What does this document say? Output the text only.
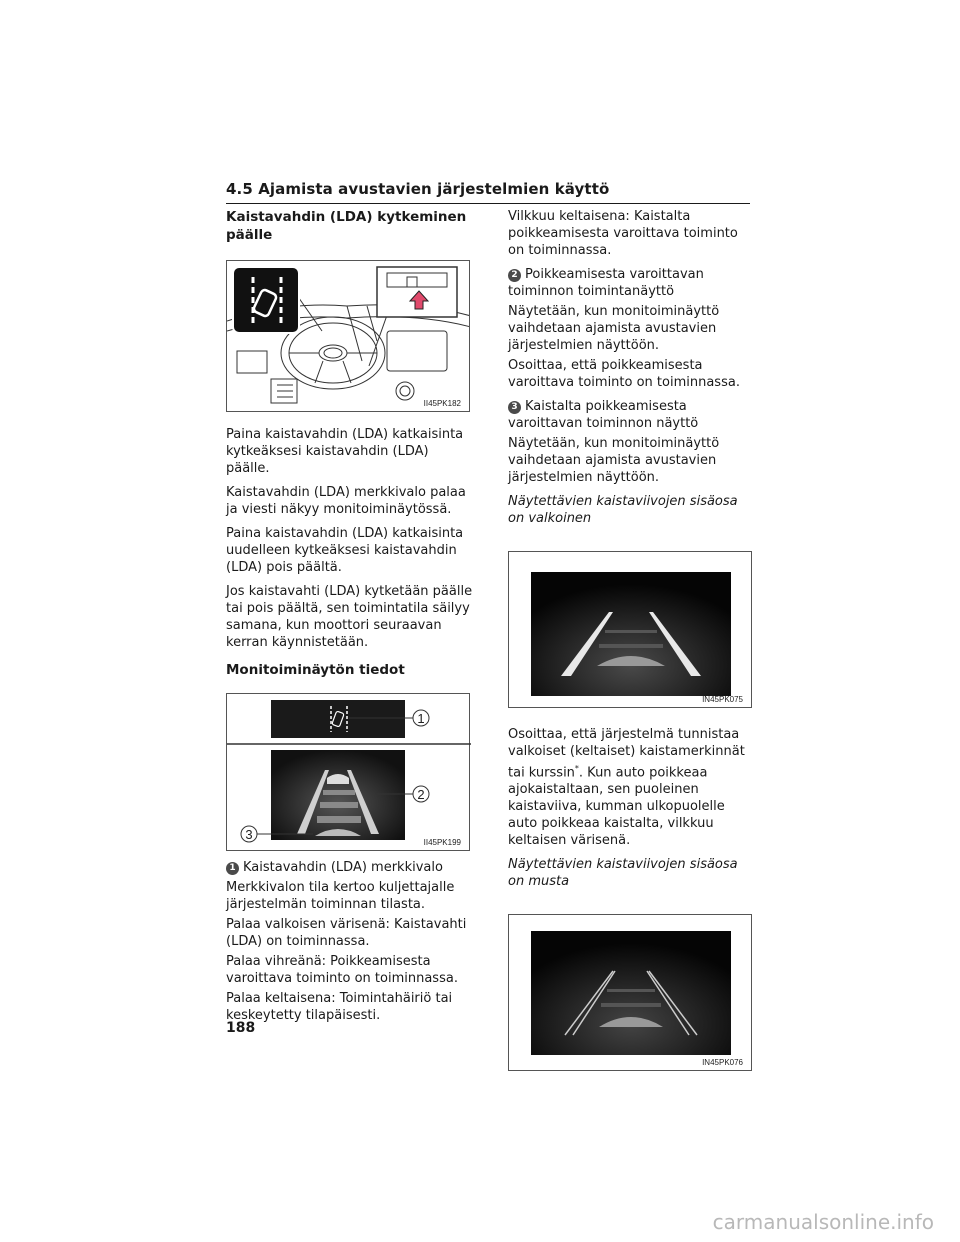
4.5 Ajamista avustavien järjestelmien käyttö
Kaistavahdin (LDA) kytkeminen päälle
II45PK182
Paina kaistavahdin (LDA) katkaisinta kytkeäksesi kaistavahdin (LDA) päälle.
Kaistavahdin (LDA) merkkivalo palaa ja viesti näkyy monitoiminäytössä.
Paina kaistavahdin (LDA) katkaisinta uudelleen kytkeäksesi kaistavahdin (LDA) pois päältä.
Jos kaistavahti (LDA) kytketään päälle tai pois päältä, sen toimintatila säilyy samana, kun moottori seuraavan kerran käynnistetään.
Monitoiminäytön tiedot
1
2
3
II45PK199
1 Kaistavahdin (LDA) merkkivalo
Merkkivalon tila kertoo kuljettajalle järjestelmän toiminnan tilasta.
Palaa valkoisen värisenä: Kaistavahti (LDA) on toiminnassa.
Palaa vihreänä: Poikkeamisesta varoittava toiminto on toiminnassa.
Palaa keltaisena: Toimintahäiriö tai keskeytetty tilapäisesti.
Vilkkuu keltaisena: Kaistalta poikkeamisesta varoittava toiminto on toiminnassa.
2 Poikkeamisesta varoittavan toiminnon toimintanäyttö
Näytetään, kun monitoiminäyttö vaihdetaan ajamista avustavien järjestelmien näyttöön.
Osoittaa, että poikkeamisesta varoittava toiminto on toiminnassa.
3 Kaistalta poikkeamisesta varoittavan toiminnon näyttö
Näytetään, kun monitoiminäyttö vaihdetaan ajamista avustavien järjestelmien näyttöön.
Näytettävien kaistaviivojen sisäosa on valkoinen
IN45PK075
Osoittaa, että järjestelmä tunnistaa valkoiset (keltaiset) kaistamerkinnät tai kurssin*. Kun auto poikkeaa ajokaistaltaan, sen puoleinen kaistaviiva, kumman ulkopuolelle auto poikkeaa kaistalta, vilkkuu keltaisen värisenä.
Näytettävien kaistaviivojen sisäosa on musta
IN45PK076
188
carmanualsonline.info
